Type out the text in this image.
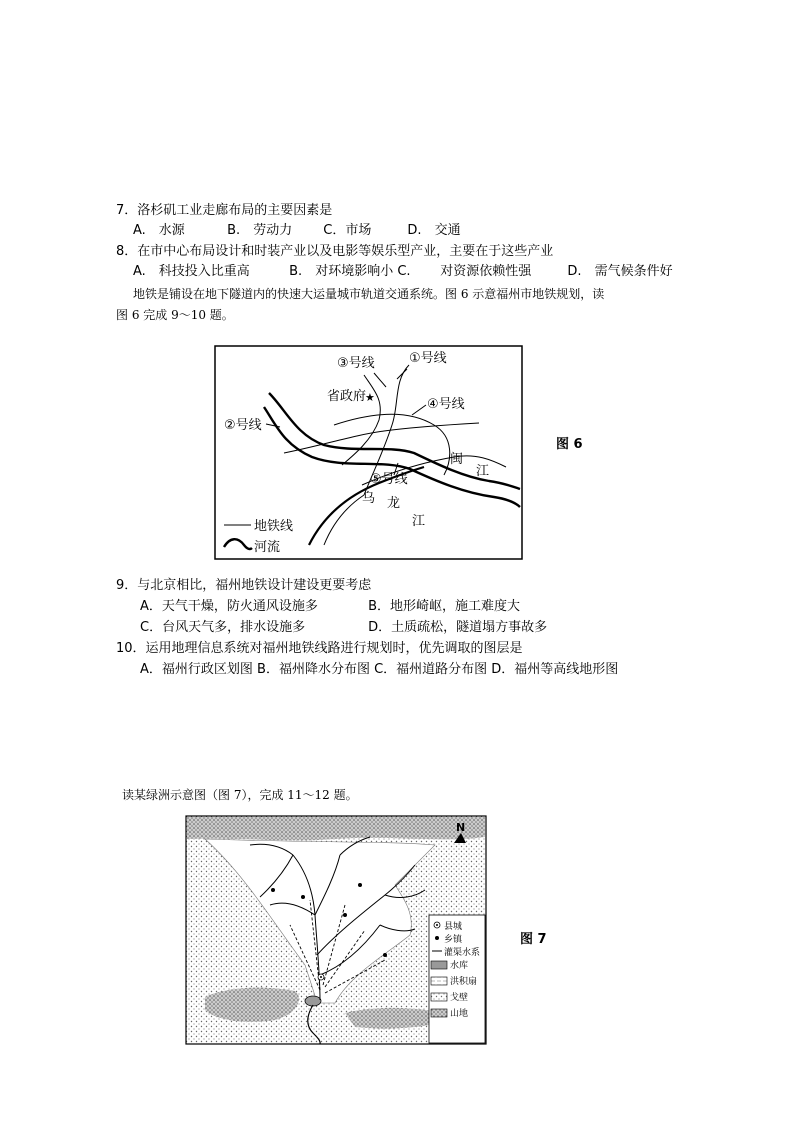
7．洛杉矶工业走廊布局的主要因素是
A.　水源	B.　劳动力 C．市场	D.　交通
8．在市中心布局设计和时装产业以及电影等娱乐型产业，主要在于这些产业
A.　科技投入比重高	B.　对环境影响小 C. 对资源依赖性强	D.　需气候条件好
地铁是铺设在地下隧道内的快速大运量城市轨道交通系统。图 6 示意福州市地铁规划，读
图 6 完成 9～10 题。
★
③号线	①号线
省政府
④号线
②号线
⑤号线
闽
江
乌 龙
江
地铁线
河流
图 6
9．与北京相比，福州地铁设计建设更要考虑
A．天气干燥，防火通风设施多	B．地形崎岖，施工难度大
C．台风天气多，排水设施多	D．土质疏松，隧道塌方事故多
10．运用地理信息系统对福州地铁线路进行规划时，优先调取的图层是
A．福州行政区划图 B．福州降水分布图 C．福州道路分布图 D．福州等高线地形图
读某绿洲示意图（图 7），完成 11～12 题。
N
县城
乡镇
灌渠水系
水库
洪积扇
戈壁
山地
图 7
